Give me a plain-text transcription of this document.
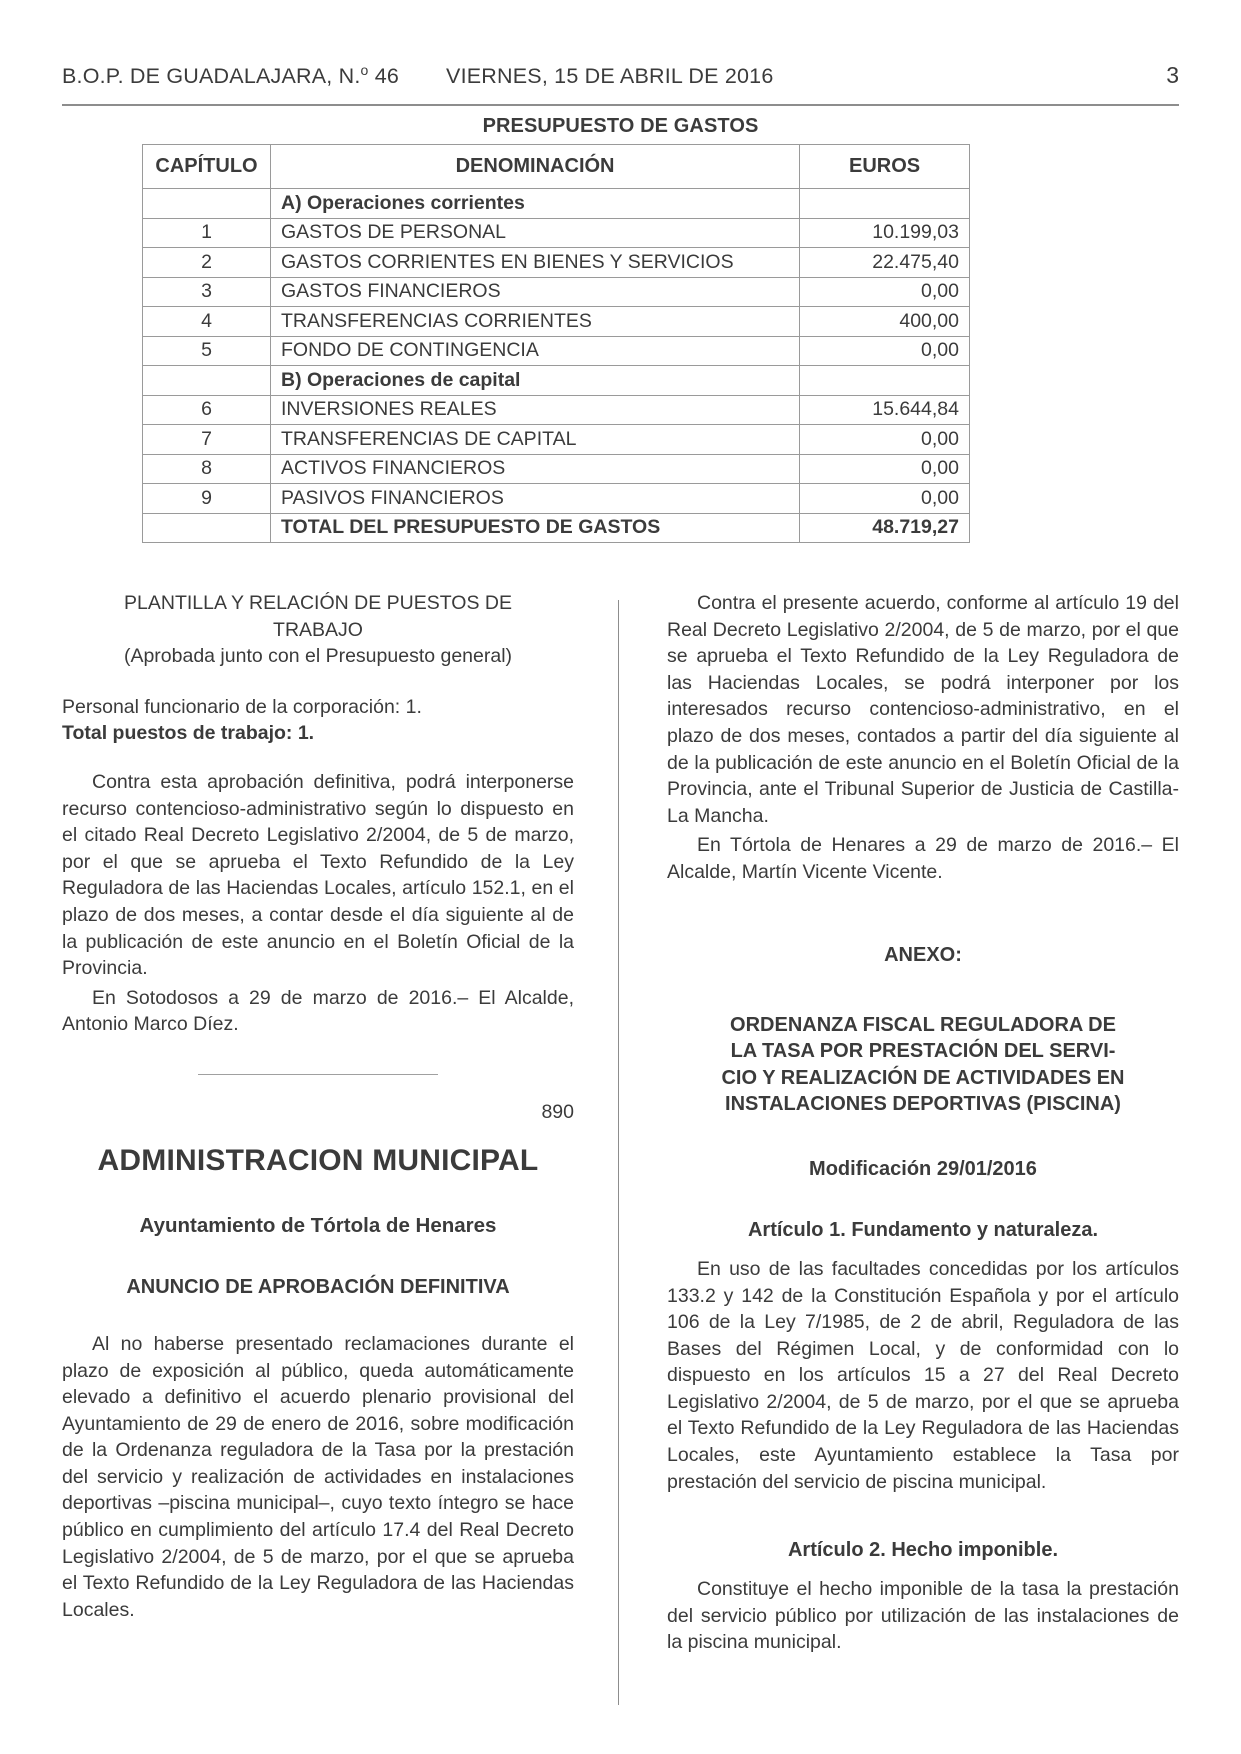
B.O.P. DE GUADALAJARA, N.$^o$ 46 VIERNES, 15 DE ABRIL DE 2016	3
PRESUPUESTO DE GASTOS
CAPÍTULO	DENOMINACIÓN	EUROS
	A) Operaciones corrientes	
1	GASTOS DE PERSONAL	10.199,03
2	GASTOS CORRIENTES EN BIENES Y SERVICIOS	22.475,40
3	GASTOS FINANCIEROS	0,00
4	TRANSFERENCIAS CORRIENTES	400,00
5	FONDO DE CONTINGENCIA	0,00
	B) Operaciones de capital	
6	INVERSIONES REALES	15.644,84
7	TRANSFERENCIAS DE CAPITAL	0,00
8	ACTIVOS FINANCIEROS	0,00
9	PASIVOS FINANCIEROS	0,00
	TOTAL DEL PRESUPUESTO DE GASTOS	48.719,27
PLANTILLA Y RELACIÓN DE PUESTOS DE
TRABAJO
(Aprobada junto con el Presupuesto general)

Personal funcionario de la corporación: 1.

Total puestos de trabajo: 1.

Contra esta aprobación definitiva, podrá interponerse recurso contencioso-administrativo según lo dispuesto en el citado Real Decreto Legislativo 2/2004, de 5 de marzo, por el que se aprueba el Texto Refundido de la Ley Reguladora de las Haciendas Locales, artículo 152.1, en el plazo de dos meses, a contar desde el día siguiente al de la publicación de este anuncio en el Boletín Oficial de la Provincia.

En Sotodosos a 29 de marzo de 2016.– El Alcalde, Antonio Marco Díez.

890
ADMINISTRACION MUNICIPAL
Ayuntamiento de Tórtola de Henares
ANUNCIO DE APROBACIÓN DEFINITIVA

Al no haberse presentado reclamaciones durante el plazo de exposición al público, queda automáticamente elevado a definitivo el acuerdo plenario provisional del Ayuntamiento de 29 de enero de 2016, sobre modificación de la Ordenanza reguladora de la Tasa por la prestación del servicio y realización de actividades en instalaciones deportivas –piscina municipal–, cuyo texto íntegro se hace público en cumplimiento del artículo 17.4 del Real Decreto Legislativo 2/2004, de 5 de marzo, por el que se aprueba el Texto Refundido de la Ley Reguladora de las Haciendas Locales.

Contra el presente acuerdo, conforme al artículo 19 del Real Decreto Legislativo 2/2004, de 5 de marzo, por el que se aprueba el Texto Refundido de la Ley Reguladora de las Haciendas Locales, se podrá interponer por los interesados recurso contencioso-administrativo, en el plazo de dos meses, contados a partir del día siguiente al de la publicación de este anuncio en el Boletín Oficial de la Provincia, ante el Tribunal Superior de Justicia de Castilla-La Mancha.

En Tórtola de Henares a 29 de marzo de 2016.– El Alcalde, Martín Vicente Vicente.

ANEXO:
ORDENANZA FISCAL REGULADORA DE
LA TASA POR PRESTACIÓN DEL SERVI-
CIO Y REALIZACIÓN DE ACTIVIDADES EN
INSTALACIONES DEPORTIVAS (PISCINA)
Modificación 29/01/2016
Artículo 1. Fundamento y naturaleza.

En uso de las facultades concedidas por los artículos 133.2 y 142 de la Constitución Española y por el artículo 106 de la Ley 7/1985, de 2 de abril, Reguladora de las Bases del Régimen Local, y de conformidad con lo dispuesto en los artículos 15 a 27 del Real Decreto Legislativo 2/2004, de 5 de marzo, por el que se aprueba el Texto Refundido de la Ley Reguladora de las Haciendas Locales, este Ayuntamiento establece la Tasa por prestación del servicio de piscina municipal.

Artículo 2. Hecho imponible.

Constituye el hecho imponible de la tasa la prestación del servicio público por utilización de las instalaciones de la piscina municipal.
